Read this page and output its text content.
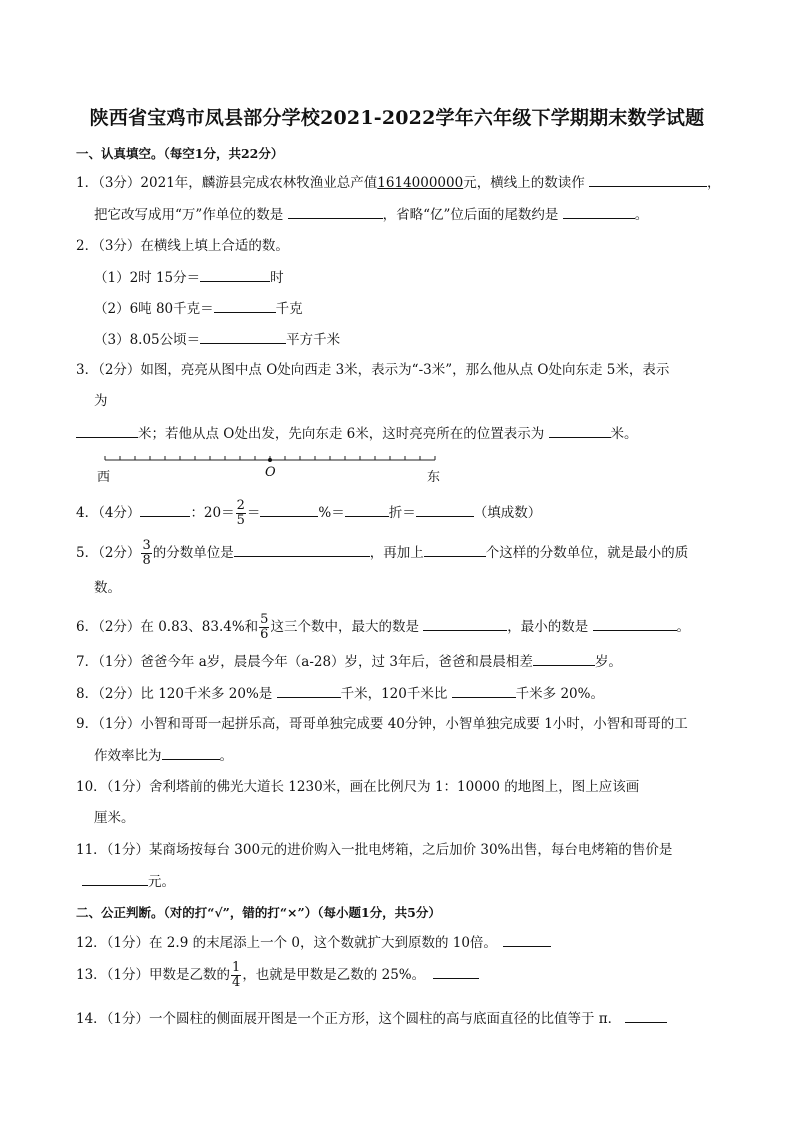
陕西省宝鸡市凤县部分学校2021-2022学年六年级下学期期末数学试题
一、认真填空。（每空1分，共22分）
1．（3分）2021年，麟游县完成农林牧渔业总产值1614000000元，横线上的数读作	，
把它改写成用“万”作单位的数是	，省略“亿”位后面的尾数约是	。
2．（3分）在横线上填上合适的数。
（1）2时 15分＝	时
（2）6吨 80千克＝	千克
（3）8.05公顷＝	平方千米
3．（2分）如图，亮亮从图中点 O处向西走 3米，表示为“-3米”，那么他从点 O处向东走 5米，表示
为
米；若他从点 O处出发，先向东走 6米，这时亮亮所在的位置表示为	米。
西	O	东
4．（4分）	：$20= \frac{2}{5}$ ＝	%＝	折＝	（填成数）
5．（2分） $\frac{3}{8}$ 的分数单位是	，再加上	个这样的分数单位，就是最小的质
数。
6．（2分）在 0.83、83.4%和 $\frac{5}{6}$ 这三个数中，最大的数是	，最小的数是	。
7．（1分）爸爸今年 a岁，晨晨今年（a-28）岁，过 3年后，爸爸和晨晨相差	岁。
8．（2分）比 120千米多 20%是	千米，120千米比	千米多 20%。
9．（1分）小智和哥哥一起拼乐高，哥哥单独完成要 40分钟，小智单独完成要 1小时，小智和哥哥的工
作效率比为	。
10．（1分）舍利塔前的佛光大道长 1230米，画在比例尺为 1：10000 的地图上，图上应该画
厘米。
11．（1分）某商场按每台 300元的进价购入一批电烤箱，之后加价 30%出售，每台电烤箱的售价是
元。
二、公正判断。（对的打“√”，错的打“×”）（每小题1分，共5分）
12．（1分）在 2.9 的末尾添上一个 0，这个数就扩大到原数的 10倍。
13．（1分）甲数是乙数的 $\frac{1}{4}$ ，也就是甲数是乙数的 25%。
14．（1分）一个圆柱的侧面展开图是一个正方形，这个圆柱的高与底面直径的比值等于 π．
